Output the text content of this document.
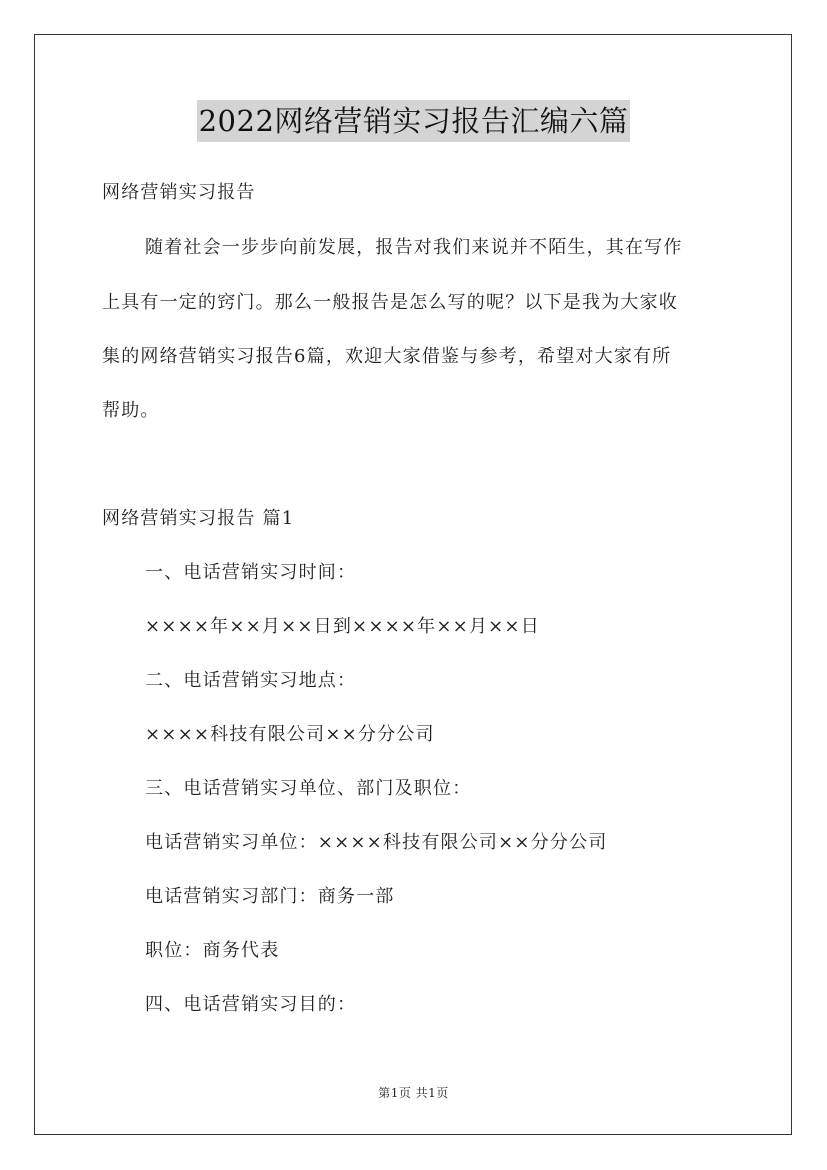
2022网络营销实习报告汇编六篇
网络营销实习报告
随着社会一步步向前发展，报告对我们来说并不陌生，其在写作
上具有一定的窍门。那么一般报告是怎么写的呢？以下是我为大家收
集的网络营销实习报告6篇，欢迎大家借鉴与参考，希望对大家有所
帮助。
网络营销实习报告 篇1
一、电话营销实习时间：
××××年××月××日到××××年××月××日
二、电话营销实习地点：
××××科技有限公司××分分公司
三、电话营销实习单位、部门及职位：
电话营销实习单位：××××科技有限公司××分分公司
电话营销实习部门：商务一部
职位：商务代表
四、电话营销实习目的：
第1页 共1页
